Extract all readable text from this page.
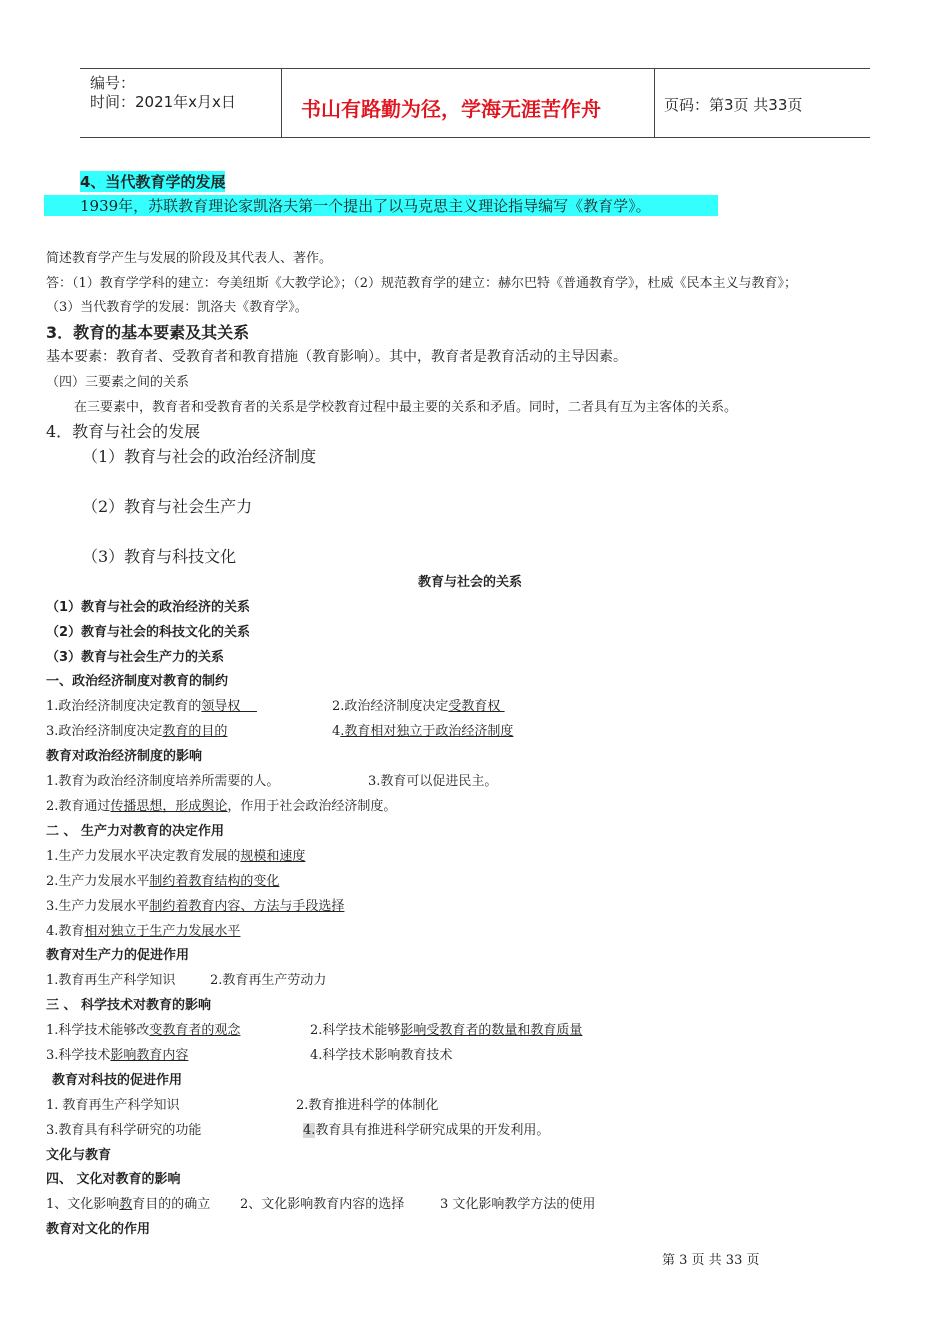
编号：
时间：2021年x月x日	书山有路勤为径，学海无涯苦作舟	页码：第3页 共33页
4、当代教育学的发展
1939年，苏联教育理论家凯洛夫第一个提出了以马克思主义理论指导编写《教育学》。
简述教育学产生与发展的阶段及其代表人、著作。
答：（1）教育学学科的建立：夸美纽斯《大教学论》；（2）规范教育学的建立：赫尔巴特《普通教育学》，杜威《民本主义与教育》；
（3）当代教育学的发展：凯洛夫《教育学》。
3．教育的基本要素及其关系
基本要素：教育者、受教育者和教育措施（教育影响）。其中，教育者是教育活动的主导因素。
（四）三要素之间的关系
在三要素中，教育者和受教育者的关系是学校教育过程中最主要的关系和矛盾。同时，二者具有互为主客体的关系。
4．教育与社会的发展
（1）教育与社会的政治经济制度
（2）教育与社会生产力
（3）教育与科技文化
教育与社会的关系
（1）教育与社会的政治经济的关系
（2）教育与社会的科技文化的关系
（3）教育与社会生产力的关系
一、政治经济制度对教育的制约
1.政治经济制度决定教育的领导权	2.政治经济制度决定受教育权
3.政治经济制度决定教育的目的	4.教育相对独立于政治经济制度
教育对政治经济制度的影响
1.教育为政治经济制度培养所需要的人。	3.教育可以促进民主。
2.教育通过传播思想，形成舆论，作用于社会政治经济制度。
二 、 生产力对教育的决定作用
1.生产力发展水平决定教育发展的规模和速度
2.生产力发展水平制约着教育结构的变化
3.生产力发展水平制约着教育内容、方法与手段选择
4.教育相对独立于生产力发展水平
教育对生产力的促进作用
1.教育再生产科学知识	2.教育再生产劳动力
三 、 科学技术对教育的影响
1.科学技术能够改变教育者的观念	2.科学技术能够影响受教育者的数量和教育质量
3.科学技术影响教育内容	4.科学技术影响教育技术
教育对科技的促进作用
1. 教育再生产科学知识	2.教育推进科学的体制化
3.教育具有科学研究的功能	4.教育具有推进科学研究成果的开发利用。
文化与教育
四、 文化对教育的影响
1、文化影响教育目的的确立 2、文化影响教育内容的选择	3 文化影响教学方法的使用
教育对文化的作用
第 3 页 共 33 页
